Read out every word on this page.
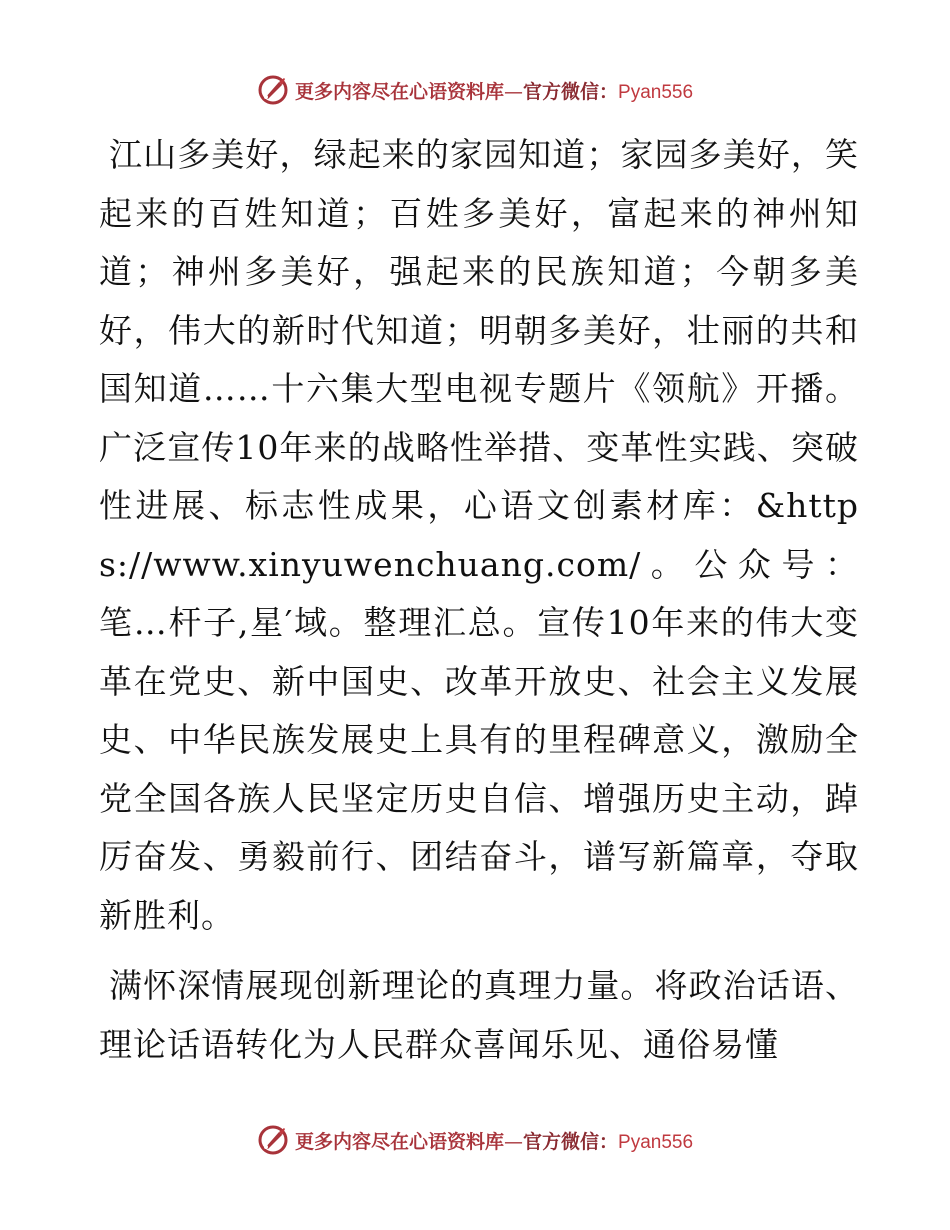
更多内容尽在心语资料库—官方微信：Pyan556

江山多美好，绿起来的家园知道；家园多美好，笑起来的百姓知道；百姓多美好，富起来的神州知道；神州多美好，强起来的民族知道；今朝多美好，伟大的新时代知道；明朝多美好，壮丽的共和国知道……十六集大型电视专题片《领航》开播。广泛宣传10年来的战略性举措、变革性实践、突破性进展、标志性成果，心语文创素材库：&https://www.xinyuwenchuang.com/。公众号：笔…杆子,星′域。整理汇总。宣传10年来的伟大变革在党史、新中国史、改革开放史、社会主义发展史、中华民族发展史上具有的里程碑意义，激励全党全国各族人民坚定历史自信、增强历史主动，踔厉奋发、勇毅前行、团结奋斗，谱写新篇章，夺取新胜利。

满怀深情展现创新理论的真理力量。将政治话语、理论话语转化为人民群众喜闻乐见、通俗易懂

更多内容尽在心语资料库—官方微信：Pyan556
